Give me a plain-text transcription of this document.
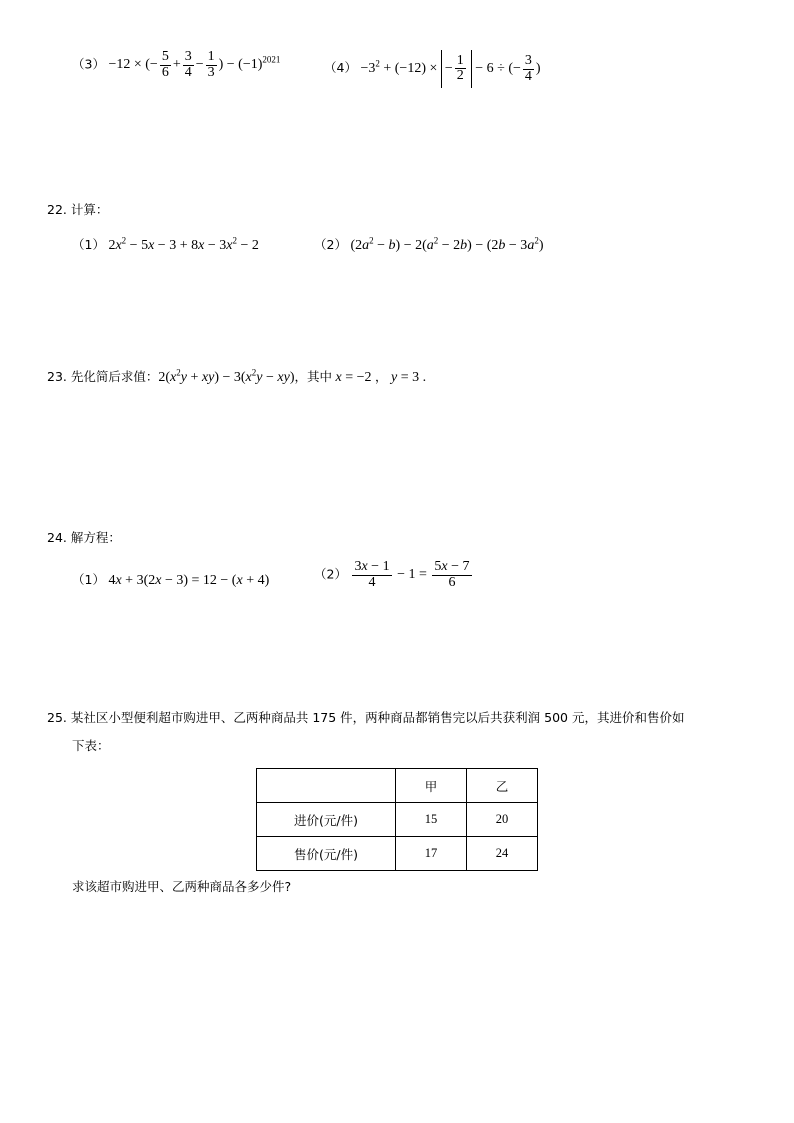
（3） −12 × (− $\frac{5}{6} + \frac{3}{4} - \frac{1}{3}$ ) − $(-1)^{2021}$
$(4) -3^2 + (-12)$ × − $\frac{1}{2} - 6$ ÷ (− $\frac{3}{4}$ )
22. 计算：
（1） $2x^2 - 5x - 3 + 8x - 3x^2 - 2$	（2） $(2a^2 - b) - 2(a^2 - 2b) - (2b - 3a^2)$
23. 先化简后求值：$2(x^2y + xy) - 3(x^2y - xy)$，其中 x = −2 ， y = 3 .
24. 解方程：
（1） 4x + 3(2x − 3) = 12 − (x + 4)	$(2) \frac{3x - 1}{4} - 1 = \frac{5x - 7}{6}$
25. 某社区小型便利超市购进甲、乙两种商品共 175 件，两种商品都销售完以后共获利润 500 元，其进价和售价如
下表：
	甲	乙
进价(元/件)	15	20
售价(元/件)	17	24
求该超市购进甲、乙两种商品各多少件?
